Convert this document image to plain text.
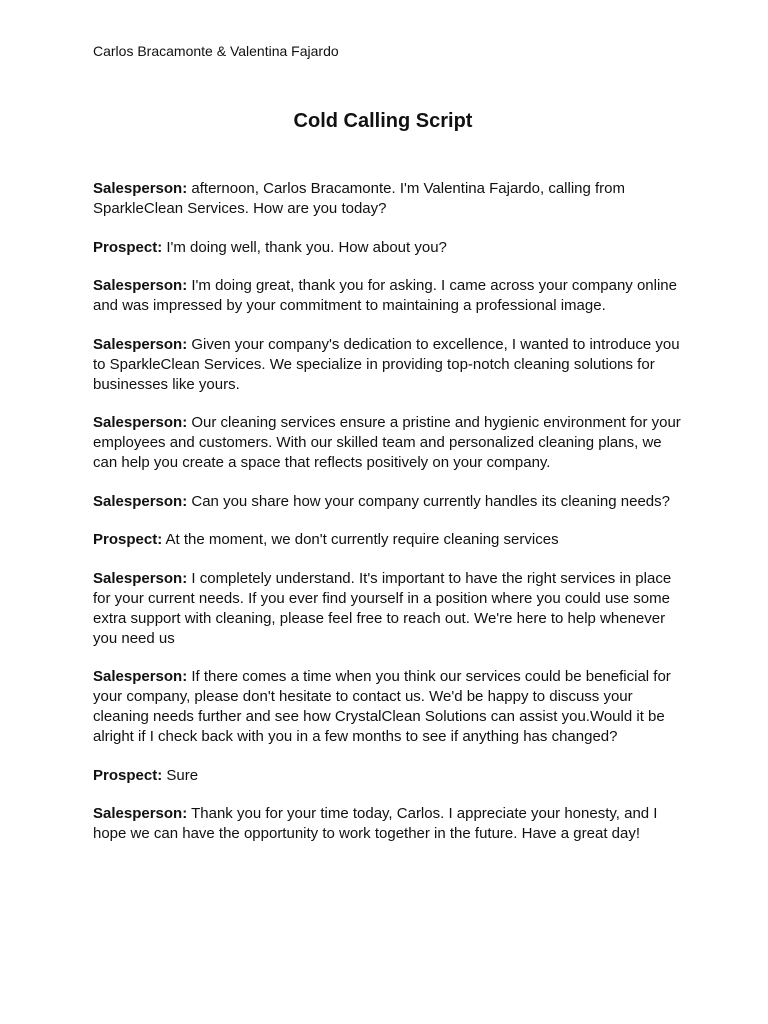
Carlos Bracamonte & Valentina Fajardo

Cold Calling Script

Salesperson: afternoon, Carlos Bracamonte. I'm Valentina Fajardo, calling from SparkleClean Services. How are you today?

Prospect: I'm doing well, thank you. How about you?

Salesperson: I'm doing great, thank you for asking. I came across your company online and was impressed by your commitment to maintaining a professional image.

Salesperson: Given your company's dedication to excellence, I wanted to introduce you to SparkleClean Services. We specialize in providing top-notch cleaning solutions for businesses like yours.

Salesperson: Our cleaning services ensure a pristine and hygienic environment for your employees and customers. With our skilled team and personalized cleaning plans, we can help you create a space that reflects positively on your company.

Salesperson: Can you share how your company currently handles its cleaning needs?

Prospect: At the moment, we don't currently require cleaning services

Salesperson: I completely understand. It's important to have the right services in place for your current needs. If you ever find yourself in a position where you could use some extra support with cleaning, please feel free to reach out. We're here to help whenever you need us

Salesperson: If there comes a time when you think our services could be beneficial for your company, please don't hesitate to contact us. We'd be happy to discuss your cleaning needs further and see how CrystalClean Solutions can assist you.Would it be alright if I check back with you in a few months to see if anything has changed?

Prospect: Sure

Salesperson: Thank you for your time today, Carlos. I appreciate your honesty, and I hope we can have the opportunity to work together in the future. Have a great day!
